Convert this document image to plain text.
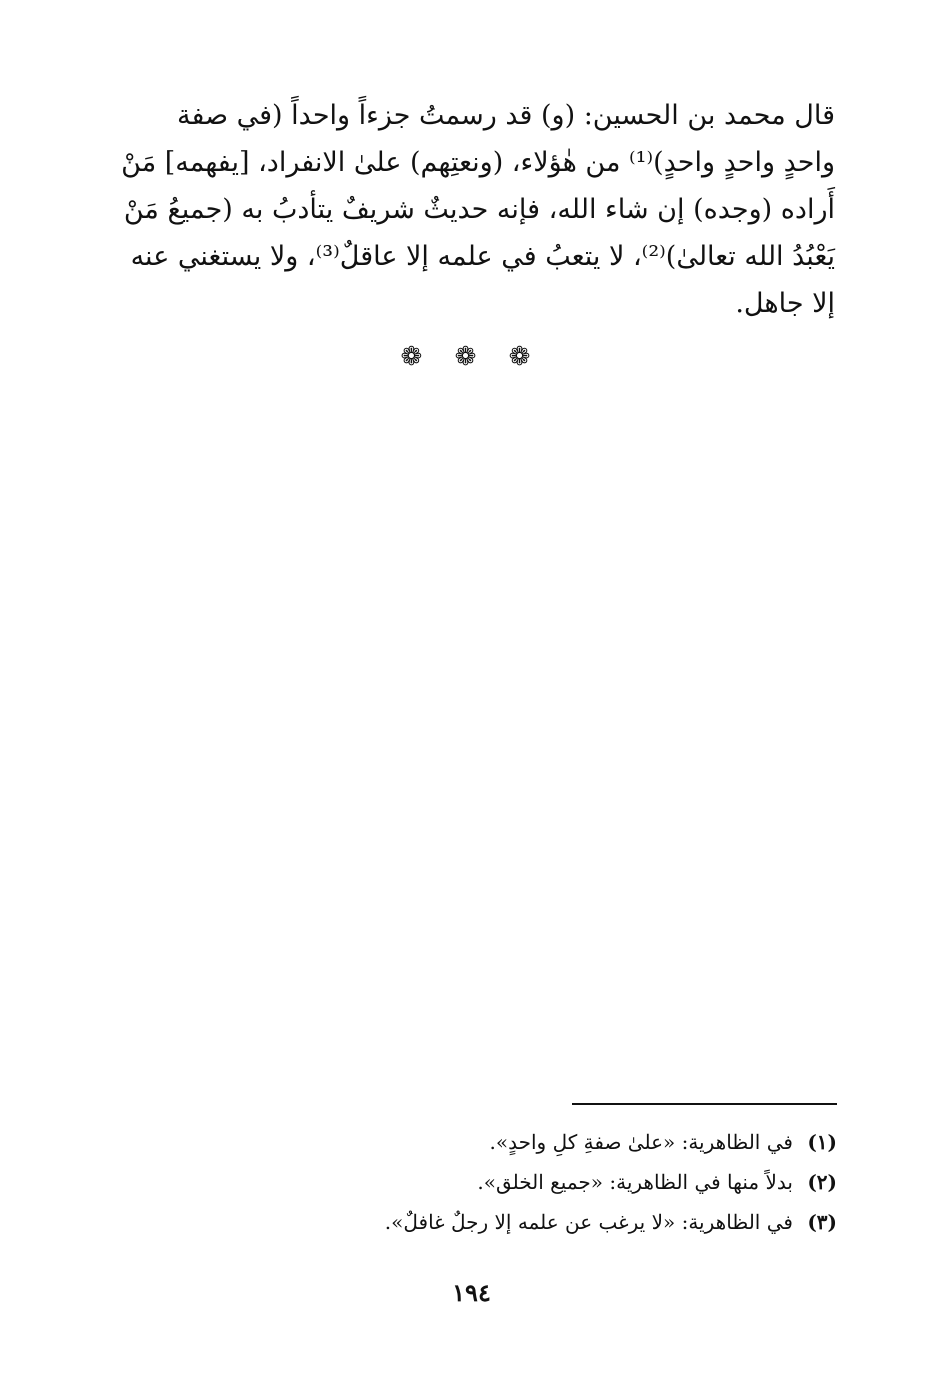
قال محمد بن الحسين: (و) قد رسمتُ جزءاً واحداً (في صفة

واحدٍ واحدٍ واحدٍ)⁽¹⁾ من هٰؤلاء، (ونعتِهم) علىٰ الانفراد، [يفهمه] مَنْ

أَراده (وجده) إن شاء الله، فإنه حديثٌ شريفٌ يتأدبُ به (جميعُ مَنْ

يَعْبُدُ الله تعالىٰ)⁽²⁾، لا يتعبُ في علمه إلا عاقلٌ⁽³⁾، ولا يستغني عنه

إلا جاهل.

❁ ❁ ❁
(١) في الظاهرية: «علىٰ صفةِ كلِ واحدٍ».
(٢) بدلاً منها في الظاهرية: «جميع الخلق».
(٣) في الظاهرية: «لا يرغب عن علمه إلا رجلٌ غافلٌ».
١٩٤
